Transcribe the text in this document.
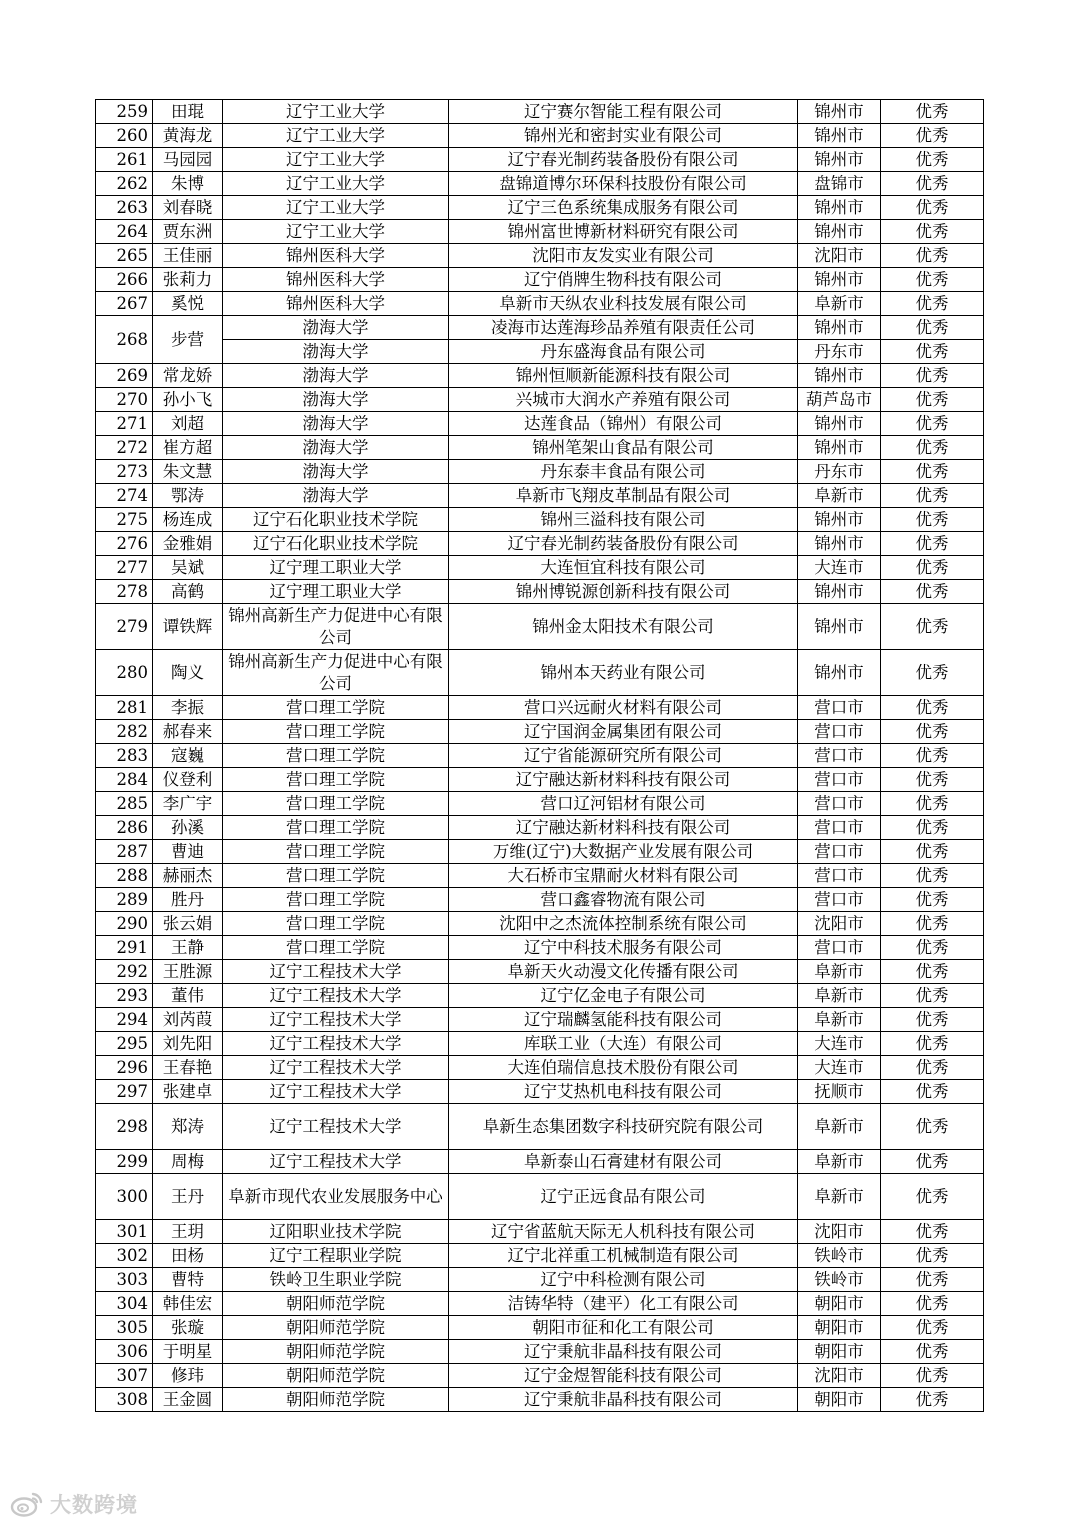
259	田琨	辽宁工业大学	辽宁赛尔智能工程有限公司	锦州市	优秀
260	黄海龙	辽宁工业大学	锦州光和密封实业有限公司	锦州市	优秀
261	马园园	辽宁工业大学	辽宁春光制药装备股份有限公司	锦州市	优秀
262	朱博	辽宁工业大学	盘锦道博尔环保科技股份有限公司	盘锦市	优秀
263	刘春晓	辽宁工业大学	辽宁三色系统集成服务有限公司	锦州市	优秀
264	贾东洲	辽宁工业大学	锦州富世博新材料研究有限公司	锦州市	优秀
265	王佳丽	锦州医科大学	沈阳市友发实业有限公司	沈阳市	优秀
266	张莉力	锦州医科大学	辽宁俏牌生物科技有限公司	锦州市	优秀
267	奚悦	锦州医科大学	阜新市天纵农业科技发展有限公司	阜新市	优秀
268	步营	渤海大学	凌海市达莲海珍品养殖有限责任公司	锦州市	优秀
		渤海大学	丹东盛海食品有限公司	丹东市	优秀
269	常龙娇	渤海大学	锦州恒顺新能源科技有限公司	锦州市	优秀
270	孙小飞	渤海大学	兴城市大润水产养殖有限公司	葫芦岛市	优秀
271	刘超	渤海大学	达莲食品（锦州）有限公司	锦州市	优秀
272	崔方超	渤海大学	锦州笔架山食品有限公司	锦州市	优秀
273	朱文慧	渤海大学	丹东泰丰食品有限公司	丹东市	优秀
274	鄂涛	渤海大学	阜新市飞翔皮革制品有限公司	阜新市	优秀
275	杨连成	辽宁石化职业技术学院	锦州三溢科技有限公司	锦州市	优秀
276	金雅娟	辽宁石化职业技术学院	辽宁春光制药装备股份有限公司	锦州市	优秀
277	吴斌	辽宁理工职业大学	大连恒宜科技有限公司	大连市	优秀
278	高鹤	辽宁理工职业大学	锦州博锐源创新科技有限公司	锦州市	优秀
279	谭铁辉	锦州高新生产力促进中心有限公司	锦州金太阳技术有限公司	锦州市	优秀
280	陶义	锦州高新生产力促进中心有限公司	锦州本天药业有限公司	锦州市	优秀
281	李振	营口理工学院	营口兴远耐火材料有限公司	营口市	优秀
282	郝春来	营口理工学院	辽宁国润金属集团有限公司	营口市	优秀
283	寇巍	营口理工学院	辽宁省能源研究所有限公司	营口市	优秀
284	仪登利	营口理工学院	辽宁融达新材料科技有限公司	营口市	优秀
285	李广宇	营口理工学院	营口辽河铝材有限公司	营口市	优秀
286	孙溪	营口理工学院	辽宁融达新材料科技有限公司	营口市	优秀
287	曹迪	营口理工学院	万维(辽宁)大数据产业发展有限公司	营口市	优秀
288	赫丽杰	营口理工学院	大石桥市宝鼎耐火材料有限公司	营口市	优秀
289	胜丹	营口理工学院	营口鑫睿物流有限公司	营口市	优秀
290	张云娟	营口理工学院	沈阳中之杰流体控制系统有限公司	沈阳市	优秀
291	王静	营口理工学院	辽宁中科技术服务有限公司	营口市	优秀
292	王胜源	辽宁工程技术大学	阜新天火动漫文化传播有限公司	阜新市	优秀
293	董伟	辽宁工程技术大学	辽宁亿金电子有限公司	阜新市	优秀
294	刘芮葭	辽宁工程技术大学	辽宁瑞麟氢能科技有限公司	阜新市	优秀
295	刘先阳	辽宁工程技术大学	库联工业（大连）有限公司	大连市	优秀
296	王春艳	辽宁工程技术大学	大连伯瑞信息技术股份有限公司	大连市	优秀
297	张建卓	辽宁工程技术大学	辽宁艾热机电科技有限公司	抚顺市	优秀
298	郑涛	辽宁工程技术大学	阜新生态集团数字科技研究院有限公司	阜新市	优秀
299	周梅	辽宁工程技术大学	阜新泰山石膏建材有限公司	阜新市	优秀
300	王丹	阜新市现代农业发展服务中心	辽宁正远食品有限公司	阜新市	优秀
301	王玥	辽阳职业技术学院	辽宁省蓝航天际无人机科技有限公司	沈阳市	优秀
302	田杨	辽宁工程职业学院	辽宁北祥重工机械制造有限公司	铁岭市	优秀
303	曹特	铁岭卫生职业学院	辽宁中科检测有限公司	铁岭市	优秀
304	韩佳宏	朝阳师范学院	洁铸华特（建平）化工有限公司	朝阳市	优秀
305	张璇	朝阳师范学院	朝阳市征和化工有限公司	朝阳市	优秀
306	于明星	朝阳师范学院	辽宁秉航非晶科技有限公司	朝阳市	优秀
307	修玮	朝阳师范学院	辽宁金煜智能科技有限公司	沈阳市	优秀
308	王金圆	朝阳师范学院	辽宁秉航非晶科技有限公司	朝阳市	优秀
大数跨境
